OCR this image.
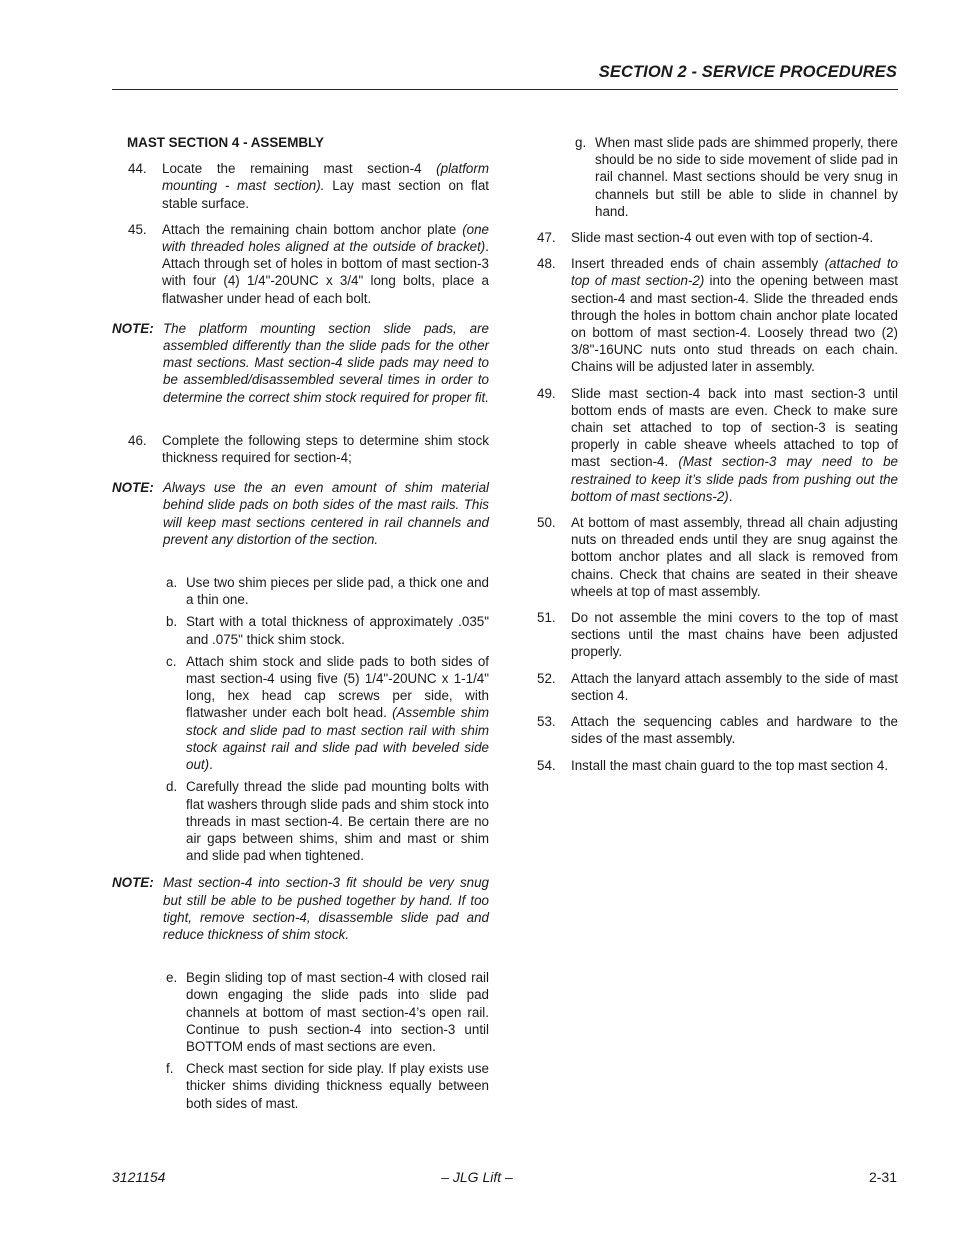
SECTION 2 - SERVICE PROCEDURES
MAST SECTION 4 - ASSEMBLY
44. Locate the remaining mast section-4 (platform mounting - mast section). Lay mast section on flat stable surface.
45. Attach the remaining chain bottom anchor plate (one with threaded holes aligned at the outside of bracket). Attach through set of holes in bottom of mast section-3 with four (4) 1/4"-20UNC x 3/4" long bolts, place a flatwasher under head of each bolt.
NOTE: The platform mounting section slide pads, are assembled differently than the slide pads for the other mast sections. Mast section-4 slide pads may need to be assembled/disassembled several times in order to determine the correct shim stock required for proper fit.
46. Complete the following steps to determine shim stock thickness required for section-4;
NOTE: Always use the an even amount of shim material behind slide pads on both sides of the mast rails. This will keep mast sections centered in rail channels and prevent any distortion of the section.
a. Use two shim pieces per slide pad, a thick one and a thin one.
b. Start with a total thickness of approximately .035" and .075" thick shim stock.
c. Attach shim stock and slide pads to both sides of mast section-4 using five (5) 1/4"-20UNC x 1-1/4" long, hex head cap screws per side, with flatwasher under each bolt head. (Assemble shim stock and slide pad to mast section rail with shim stock against rail and slide pad with beveled side out).
d. Carefully thread the slide pad mounting bolts with flat washers through slide pads and shim stock into threads in mast section-4. Be certain there are no air gaps between shims, shim and mast or shim and slide pad when tightened.
NOTE: Mast section-4 into section-3 fit should be very snug but still be able to be pushed together by hand. If too tight, remove section-4, disassemble slide pad and reduce thickness of shim stock.
e. Begin sliding top of mast section-4 with closed rail down engaging the slide pads into slide pad channels at bottom of mast section-4’s open rail. Continue to push section-4 into section-3 until BOTTOM ends of mast sections are even.
f. Check mast section for side play. If play exists use thicker shims dividing thickness equally between both sides of mast.
g. When mast slide pads are shimmed properly, there should be no side to side movement of slide pad in rail channel. Mast sections should be very snug in channels but still be able to slide in channel by hand.
47. Slide mast section-4 out even with top of section-4.
48. Insert threaded ends of chain assembly (attached to top of mast section-2) into the opening between mast section-4 and mast section-4. Slide the threaded ends through the holes in bottom chain anchor plate located on bottom of mast section-4. Loosely thread two (2) 3/8"-16UNC nuts onto stud threads on each chain. Chains will be adjusted later in assembly.
49. Slide mast section-4 back into mast section-3 until bottom ends of masts are even. Check to make sure chain set attached to top of section-3 is seating properly in cable sheave wheels attached to top of mast section-4. (Mast section-3 may need to be restrained to keep it’s slide pads from pushing out the bottom of mast sections-2).
50. At bottom of mast assembly, thread all chain adjusting nuts on threaded ends until they are snug against the bottom anchor plates and all slack is removed from chains. Check that chains are seated in their sheave wheels at top of mast assembly.
51. Do not assemble the mini covers to the top of mast sections until the mast chains have been adjusted properly.
52. Attach the lanyard attach assembly to the side of mast section 4.
53. Attach the sequencing cables and hardware to the sides of the mast assembly.
54. Install the mast chain guard to the top mast section 4.
3121154	– JLG Lift –	2-31
